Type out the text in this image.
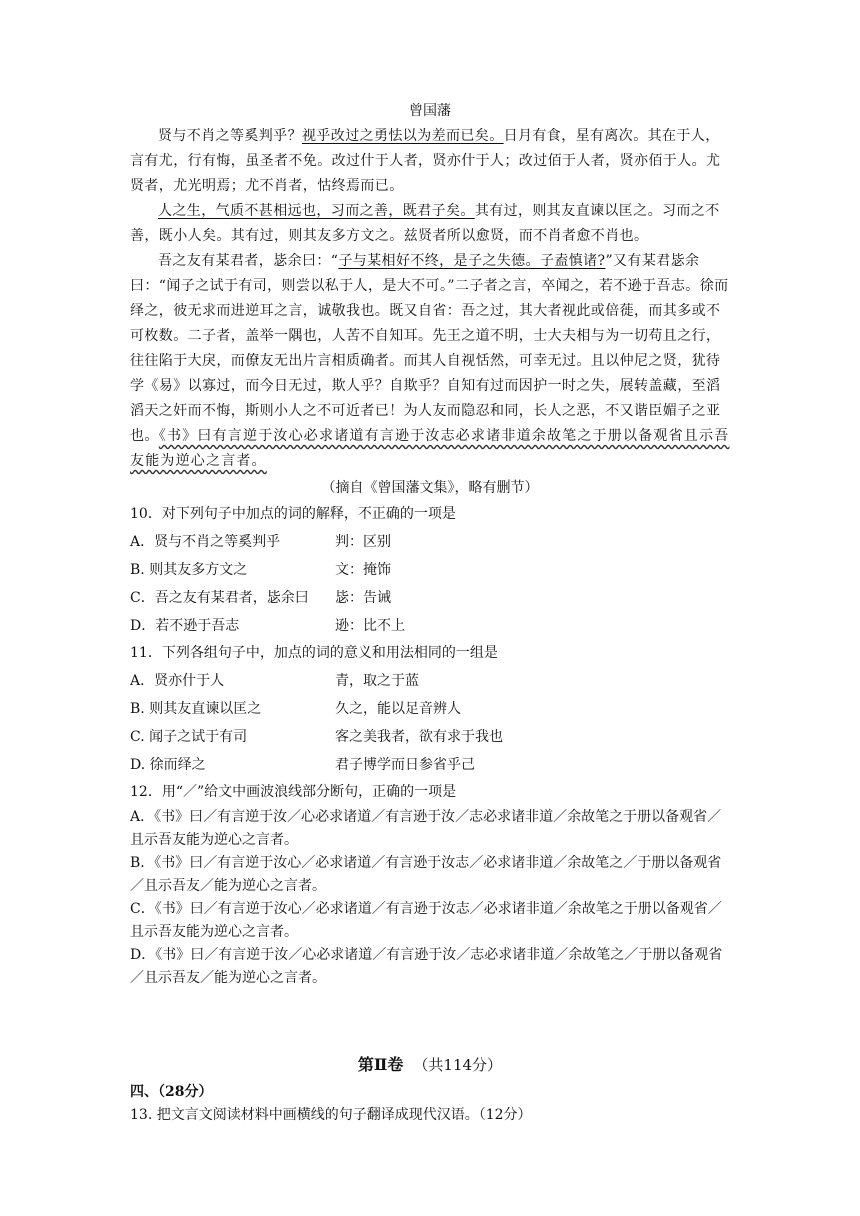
曾国藩

贤与不肖之等奚判乎？视乎改过之勇怯以为差而已矣。日月有食，星有离次。其在于人，言有尤，行有悔，虽圣者不免。改过什于人者，贤亦什于人；改过佰于人者，贤亦佰于人。尤贤者，尤光明焉；尤不肖者，怙终焉而已。

人之生，气质不甚相远也，习而之善，既君子矣。其有过，则其友直谏以匡之。习而之不善，既小人矣。其有过，则其友多方文之。兹贤者所以愈贤，而不肖者愈不肖也。

吾之友有某君者，毖余曰：“子与某相好不终，是子之失德。子盍慎诸?”又有某君毖余曰：“闻子之试于有司，则尝以私于人，是大不可。”二子者之言，卒闻之，若不逊于吾志。徐而绎之，彼无求而进逆耳之言，诚敬我也。既又自省：吾之过，其大者视此或倍蓰，而其多或不可枚数。二子者，盖举一隅也，人苦不自知耳。先王之道不明，士大夫相与为一切苟且之行，往往陷于大戾，而僚友无出片言相质确者。而其人自视恬然，可幸无过。且以仲尼之贤，犹待学《易》以寡过，而今日无过，欺人乎？自欺乎？自知有过而因护一时之失，展转盖藏，至滔滔天之奸而不悔，斯则小人之不可近者已！为人友而隐忍和同，长人之恶，不又谐臣媚子之亚也。《书》曰有言逆于汝心必求诸道有言逊于汝志必求诸非道余故笔之于册以备观省且示吾友能为逆心之言者。

（摘自《曾国藩文集》，略有删节）

10．对下列句子中加点的词的解释，不正确的一项是

A．贤与不肖之等奚判乎	判：区别
B. 则其友多方文之	文：掩饰
C．吾之友有某君者，毖余曰	毖：告诫
D．若不逊于吾志	逊：比不上

11．下列各组句子中，加点的词的意义和用法相同的一组是

A．贤亦什于人	青，取之于蓝
B. 则其友直谏以匡之	久之，能以足音辨人
C. 闻子之试于有司	客之美我者，欲有求于我也
D. 徐而绎之	君子博学而日参省乎己

12．用“／”给文中画波浪线部分断句，正确的一项是

A．《书》曰／有言逆于汝／心必求诸道／有言逊于汝／志必求诸非道／余故笔之于册以备观省／且示吾友能为逆心之言者。

B．《书》曰／有言逆于汝心／必求诸道／有言逊于汝志／必求诸非道／余故笔之／于册以备观省／且示吾友／能为逆心之言者。

C．《书》曰／有言逆于汝心／必求诸道／有言逊于汝志／必求诸非道／余故笔之于册以备观省／且示吾友能为逆心之言者。

D．《书》曰／有言逆于汝／心必求诸道／有言逊于汝／志必求诸非道／余故笔之／于册以备观省／且示吾友／能为逆心之言者。

第Ⅱ卷 （共114分）

四、（28分）

13. 把文言文阅读材料中画横线的句子翻译成现代汉语。（12分）
